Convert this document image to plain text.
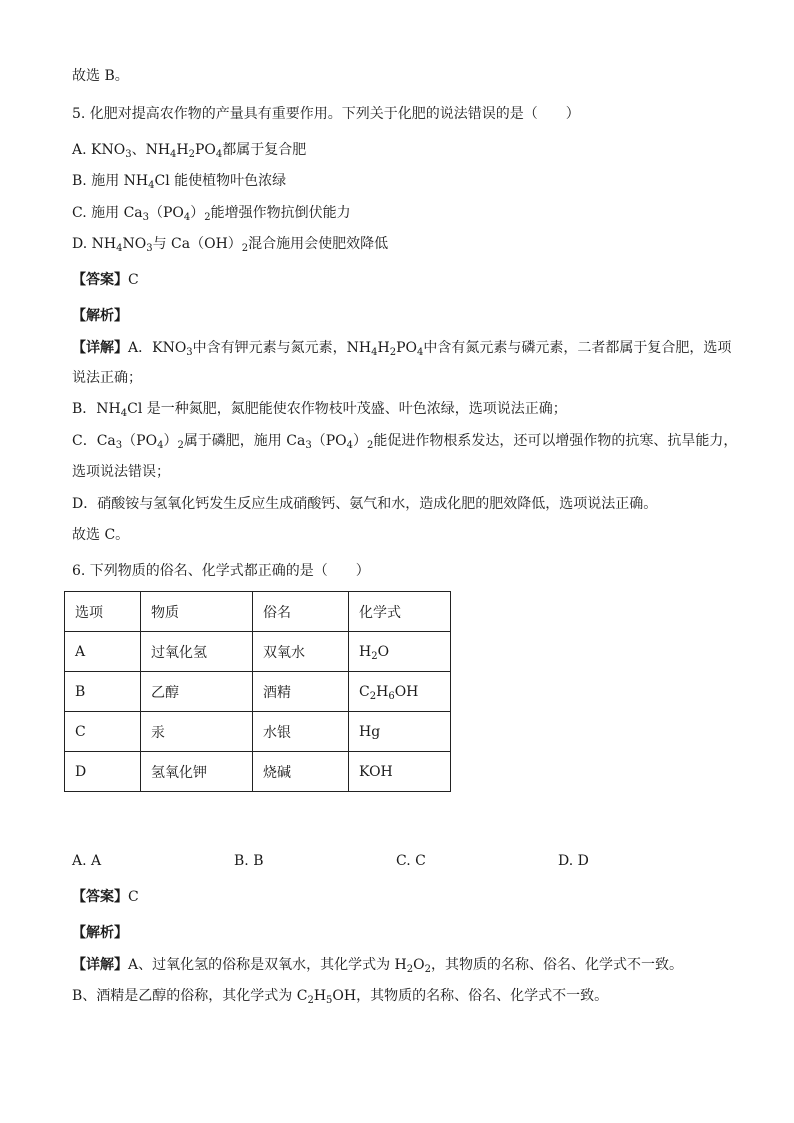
故选 B。
5. 化肥对提高农作物的产量具有重要作用。下列关于化肥的说法错误的是（　　）
A. $KNO_3$、$NH_4H_2PO_4$都属于复合肥
B. 施用 $NH_4Cl$ 能使植物叶色浓绿
C. 施用 $Ca_3(PO_4)_2$能增强作物抗倒伏能力
D. $NH_4NO_3$与 $Ca(OH)_2$混合施用会使肥效降低
【答案】C
【解析】
【详解】A．$KNO_3$中含有钾元素与氮元素，$NH_4H_2PO_4$中含有氮元素与磷元素，二者都属于复合肥，选项
说法正确；
B．$NH_4Cl$ 是一种氮肥，氮肥能使农作物枝叶茂盛、叶色浓绿，选项说法正确；
C．$Ca_3(PO_4)_2$属于磷肥，施用 $Ca_3(PO_4)_2$能促进作物根系发达，还可以增强作物的抗寒、抗旱能力，
选项说法错误；
D．硝酸铵与氢氧化钙发生反应生成硝酸钙、氨气和水，造成化肥的肥效降低，选项说法正确。
故选 C。
6. 下列物质的俗名、化学式都正确的是（　　）
选项	物质	俗名	化学式
A	过氧化氢	双氧水	$H_2O$
B	乙醇	酒精	$C_2H_6OH$
C	汞	水银	Hg
D	氢氧化钾	烧碱	KOH
A. A	B. B	C. C	D. D
【答案】C
【解析】
【详解】A、过氧化氢的俗称是双氧水，其化学式为 $H_2O_2$，其物质的名称、俗名、化学式不一致。
B、酒精是乙醇的俗称，其化学式为 $C_2H_5OH$，其物质的名称、俗名、化学式不一致。
